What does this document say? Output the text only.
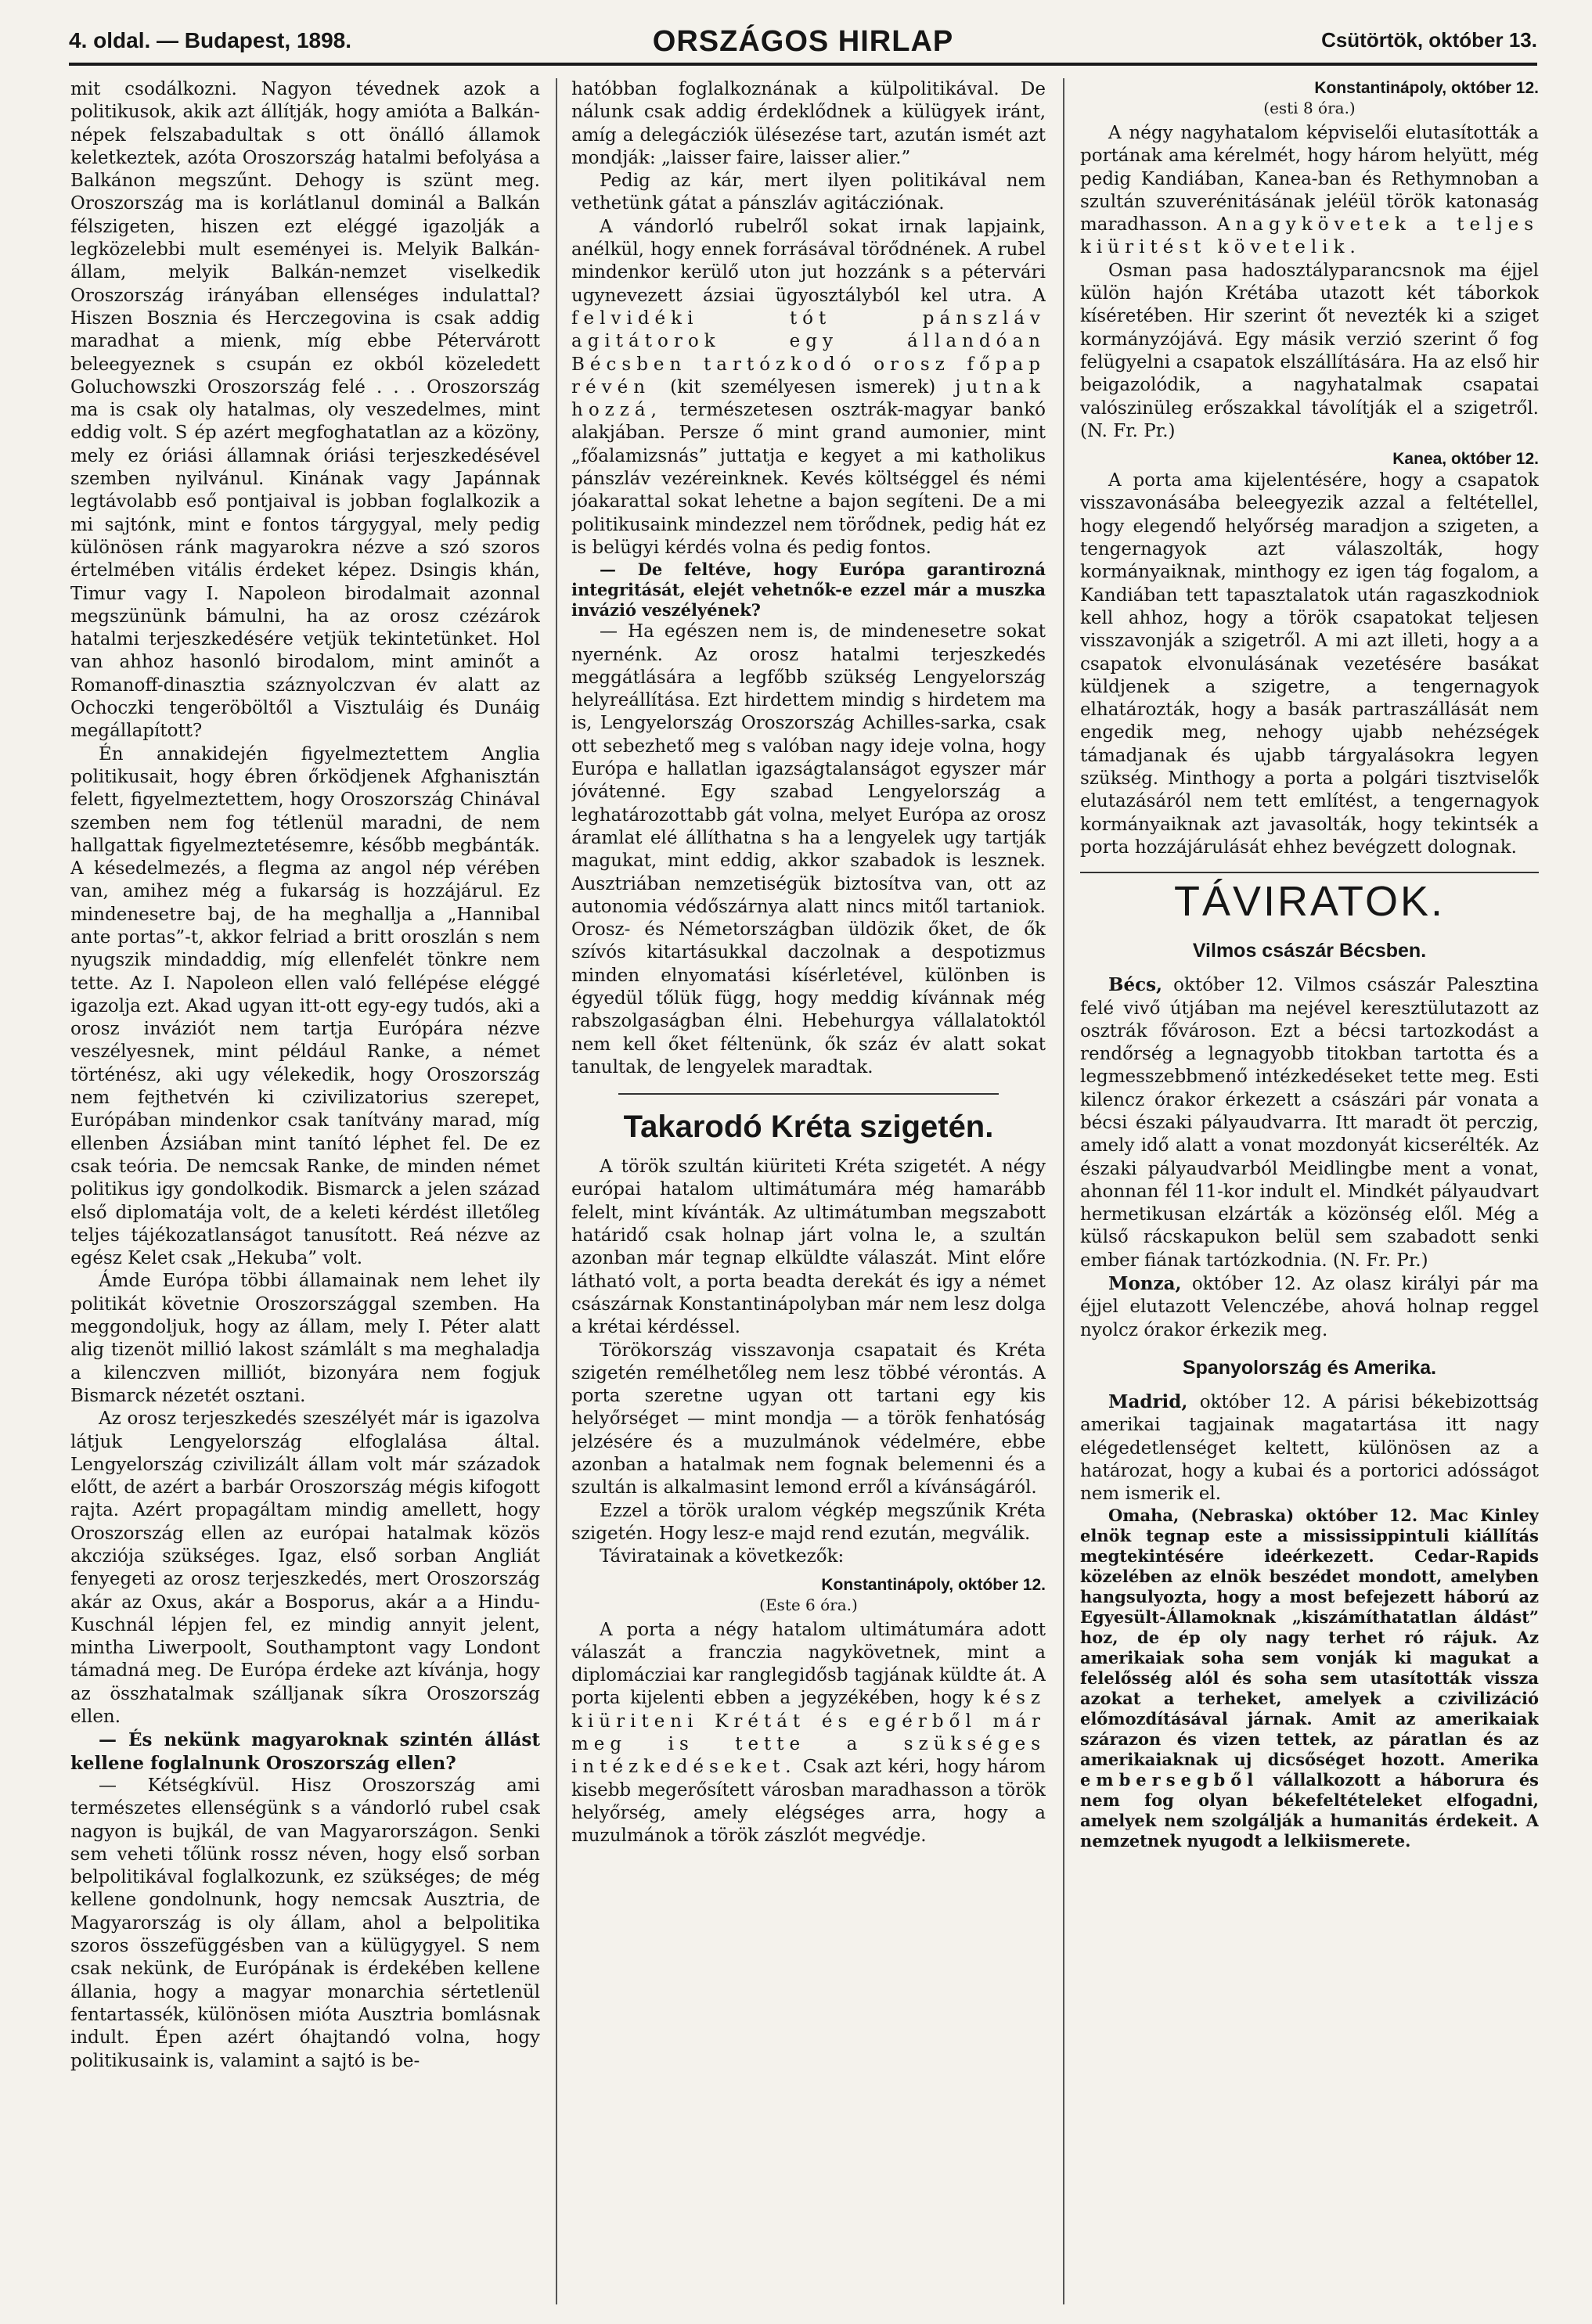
4. oldal. — Budapest, 1898.	ORSZÁGOS HIRLAP	Csütörtök, október 13.

mit csodálkozni. Nagyon tévednek azok a politikusok, akik azt állítják, hogy amióta a Balkán-népek felszabadultak s ott önálló államok keletkeztek, azóta Oroszország hatalmi befolyása a Balkánon megszűnt. Dehogy is szünt meg. Oroszország ma is korlátlanul dominál a Balkán félszigeten, hiszen ezt eléggé igazolják a legközelebbi mult eseményei is. Melyik Balkán-állam, melyik Balkán-nemzet viselkedik Oroszország irányában ellenséges indulattal? Hiszen Bosznia és Herczegovina is csak addig maradhat a mienk, míg ebbe Pétervárott beleegyeznek s csupán ez okból közeledett Goluchowszki Oroszország felé . . . Oroszország ma is csak oly hatalmas, oly veszedelmes, mint eddig volt. S ép azért megfoghatatlan az a közöny, mely ez óriási államnak óriási terjeszkedésével szemben nyilvánul. Kinának vagy Japánnak legtávolabb eső pontjaival is jobban foglalkozik a mi sajtónk, mint e fontos tárgygyal, mely pedig különösen ránk magyarokra nézve a szó szoros értelmében vitális érdeket képez. Dsingis khán, Timur vagy I. Napoleon birodalmait azonnal megszününk bámulni, ha az orosz czézárok hatalmi terjeszkedésére vetjük tekintetünket. Hol van ahhoz hasonló birodalom, mint aminőt a Romanoff-dinasztia száznyolczvan év alatt az Ochoczki tengeröböltől a Visztuláig és Dunáig megállapított?

Én annakidején figyelmeztettem Anglia politikusait, hogy ébren őrködjenek Afghanisztán felett, figyelmeztettem, hogy Oroszország Chinával szemben nem fog tétlenül maradni, de nem hallgattak figyelmeztetésemre, később megbánták. A késedelmezés, a flegma az angol nép vérében van, amihez még a fukarság is hozzájárul. Ez mindenesetre baj, de ha meghallja a „Hannibal ante portas”-t, akkor felriad a britt oroszlán s nem nyugszik mindaddig, míg ellenfelét tönkre nem tette. Az I. Napoleon ellen való fellépése eléggé igazolja ezt. Akad ugyan itt-ott egy-egy tudós, aki a orosz inváziót nem tartja Európára nézve veszélyesnek, mint például Ranke, a német történész, aki ugy vélekedik, hogy Oroszország nem fejthetvén ki czivilizatorius szerepet, Európában mindenkor csak tanítvány marad, míg ellenben Ázsiában mint tanító léphet fel. De ez csak teória. De nemcsak Ranke, de minden német politikus igy gondolkodik. Bismarck a jelen század első diplomatája volt, de a keleti kérdést illetőleg teljes tájékozatlanságot tanusított. Reá nézve az egész Kelet csak „Hekuba” volt.

Ámde Európa többi államainak nem lehet ily politikát követnie Oroszországgal szemben. Ha meggondoljuk, hogy az állam, mely I. Péter alatt alig tizenöt millió lakost számlált s ma meghaladja a kilenczven milliót, bizonyára nem fogjuk Bismarck nézetét osztani.

Az orosz terjeszkedés szeszélyét már is igazolva látjuk Lengyelország elfoglalása által. Lengyelország czivilizált állam volt már századok előtt, de azért a barbár Oroszország mégis kifogott rajta. Azért propagáltam mindig amellett, hogy Oroszország ellen az európai hatalmak közös akcziója szükséges. Igaz, első sorban Angliát fenyegeti az orosz terjeszkedés, mert Oroszország akár az Oxus, akár a Bosporus, akár a a Hindu-Kuschnál lépjen fel, ez mindig annyit jelent, mintha Liwerpoolt, Southamptont vagy Londont támadná meg. De Európa érdeke azt kívánja, hogy az összhatalmak szálljanak síkra Oroszország ellen.

— És nekünk magyaroknak szintén állást kellene foglalnunk Oroszország ellen?

— Kétségkívül. Hisz Oroszország ami természetes ellenségünk s a vándorló rubel csak nagyon is bujkál, de van Magyarországon. Senki sem veheti tőlünk rossz néven, hogy első sorban belpolitikával foglalkozunk, ez szükséges; de még kellene gondolnunk, hogy nemcsak Ausztria, de Magyarország is oly állam, ahol a belpolitika szoros összefüggésben van a külügygyel. S nem csak nekünk, de Európának is érdekében kellene állania, hogy a magyar monarchia sértetlenül fentartassék, különösen mióta Ausztria bomlásnak indult. Épen azért óhajtandó volna, hogy politikusaink is, valamint a sajtó is be-

hatóbban foglalkoznának a külpolitikával. De nálunk csak addig érdeklődnek a külügyek iránt, amíg a delegácziók ülésezése tart, azután ismét azt mondják: „laisser faire, laisser alier.”

Pedig az kár, mert ilyen politikával nem vethetünk gátat a pánszláv agitácziónak.

A vándorló rubelről sokat irnak lapjaink, anélkül, hogy ennek forrásával törődnének. A rubel mindenkor kerülő uton jut hozzánk s a pétervári ugynevezett ázsiai ügyosztályból kel utra. A felvidéki tót pánszláv agitátorok egy állandóan Bécsben tartózkodó orosz főpap révén (kit személyesen ismerek) jutnak hozzá, természetesen osztrák-magyar bankó alakjában. Persze ő mint grand aumonier, mint „főalamizsnás” juttatja e kegyet a mi katholikus pánszláv vezéreinknek. Kevés költséggel és némi jóakarattal sokat lehetne a bajon segíteni. De a mi politikusaink mindezzel nem törődnek, pedig hát ez is belügyi kérdés volna és pedig fontos.

— De feltéve, hogy Európa garantirozná integritását, elejét vehetnők-e ezzel már a muszka invázió veszélyének?

— Ha egészen nem is, de mindenesetre sokat nyernénk. Az orosz hatalmi terjeszkedés meggátlására a legfőbb szükség Lengyelország helyreállítása. Ezt hirdettem mindig s hirdetem ma is, Lengyelország Oroszország Achilles-sarka, csak ott sebezhető meg s valóban nagy ideje volna, hogy Európa e hallatlan igazságtalanságot egyszer már jóvátenné. Egy szabad Lengyelország a leghatározottabb gát volna, melyet Európa az orosz áramlat elé állíthatna s ha a lengyelek ugy tartják magukat, mint eddig, akkor szabadok is lesznek. Ausztriában nemzetiségük biztosítva van, ott az autonomia védőszárnya alatt nincs mitől tartaniok. Orosz- és Németországban üldözik őket, de ők szívós kitartásukkal daczolnak a despotizmus minden elnyomatási kísérletével, különben is égyedül tőlük függ, hogy meddig kívánnak még rabszolgaságban élni. Hebehurgya vállalatoktól nem kell őket féltenünk, ők száz év alatt sokat tanultak, de lengyelek maradtak.

Takarodó Kréta szigetén.

A török szultán kiüriteti Kréta szigetét. A négy európai hatalom ultimátumára még hamarább felelt, mint kívánták. Az ultimátumban megszabott határidő csak holnap járt volna le, a szultán azonban már tegnap elküldte válaszát. Mint előre látható volt, a porta beadta derekát és igy a német császárnak Konstantinápolyban már nem lesz dolga a krétai kérdéssel.

Törökország visszavonja csapatait és Kréta szigetén remélhetőleg nem lesz többé vérontás. A porta szeretne ugyan ott tartani egy kis helyőrséget — mint mondja — a török fenhatóság jelzésére és a muzulmánok védelmére, ebbe azonban a hatalmak nem fognak belemenni és a szultán is alkalmasint lemond erről a kívánságáról.

Ezzel a török uralom végkép megszűnik Kréta szigetén. Hogy lesz-e majd rend ezután, megválik.

Táviratainak a következők:

Konstantinápoly, október 12.
(Este 6 óra.)

A porta a négy hatalom ultimátumára adott válaszát a franczia nagykövetnek, mint a diplomácziai kar ranglegidősb tagjának küldte át. A porta kijelenti ebben a jegyzékében, hogy kész kiüriteni Krétát és egérből már meg is tette a szükséges intézkedéseket. Csak azt kéri, hogy három kisebb megerősített városban maradhasson a török helyőrség, amely elégséges arra, hogy a muzulmánok a török zászlót megvédje.

Konstantinápoly, október 12.
(esti 8 óra.)

A négy nagyhatalom képviselői elutasították a portának ama kérelmét, hogy három helyütt, még pedig Kandiában, Kanea-ban és Rethymnoban a szultán szuverénitásának jeléül török katonaság maradhasson. Anagykövetek a teljes kiüritést követelik.

Osman pasa hadosztályparancsnok ma éjjel külön hajón Krétába utazott két táborkok kíséretében. Hir szerint őt nevezték ki a sziget kormányzójává. Egy másik verzió szerint ő fog felügyelni a csapatok elszállítására. Ha az első hir beigazolódik, a nagyhatalmak csapatai valószinüleg erőszakkal távolítják el a szigetről. (N. Fr. Pr.)

Kanea, október 12.

A porta ama kijelentésére, hogy a csapatok visszavonásába beleegyezik azzal a feltétellel, hogy elegendő helyőrség maradjon a szigeten, a tengernagyok azt válaszolták, hogy kormányaiknak, minthogy ez igen tág fogalom, a Kandiában tett tapasztalatok után ragaszkodniok kell ahhoz, hogy a török csapatokat teljesen visszavonják a szigetről. A mi azt illeti, hogy a a csapatok elvonulásának vezetésére basákat küldjenek a szigetre, a tengernagyok elhatározták, hogy a basák partraszállását nem engedik meg, nehogy ujabb nehézségek támadjanak és ujabb tárgyalásokra legyen szükség. Minthogy a porta a polgári tisztviselők elutazásáról nem tett említést, a tengernagyok kormányaiknak azt javasolták, hogy tekintsék a porta hozzájárulását ehhez bevégzett dolognak.

TÁVIRATOK.
Vilmos császár Bécsben.

Bécs, október 12. Vilmos császár Palesztina felé vivő útjában ma nejével keresztülutazott az osztrák fővároson. Ezt a bécsi tartozkodást a rendőrség a legnagyobb titokban tartotta és a legmesszebbmenő intézkedéseket tette meg. Esti kilencz órakor érkezett a császári pár vonata a bécsi északi pályaudvarra. Itt maradt öt perczig, amely idő alatt a vonat mozdonyát kicserélték. Az északi pályaudvarból Meidlingbe ment a vonat, ahonnan fél 11-kor indult el. Mindkét pályaudvart hermetikusan elzárták a közönség elől. Még a külső rácskapukon belül sem szabadott senki ember fiának tartózkodnia. (N. Fr. Pr.)

Monza, október 12. Az olasz királyi pár ma éjjel elutazott Velenczébe, ahová holnap reggel nyolcz órakor érkezik meg.

Spanyolország és Amerika.

Madrid, október 12. A párisi békebizottság amerikai tagjainak magatartása itt nagy elégedetlenséget keltett, különösen az a határozat, hogy a kubai és a portorici adósságot nem ismerik el.

Omaha, (Nebraska) október 12. Mac Kinley elnök tegnap este a mississippintuli kiállítás megtekintésére ideérkezett. Cedar-Rapids közelében az elnök beszédet mondott, amelyben hangsulyozta, hogy a most befejezett háború az Egyesült-Államoknak „kiszámíthatatlan áldást” hoz, de ép oly nagy terhet ró rájuk. Az amerikaiak soha sem vonják ki magukat a felelősség alól és soha sem utasították vissza azokat a terheket, amelyek a czivilizáció előmozdításával járnak. Amit az amerikaiak szárazon és vizen tettek, az páratlan és az amerikaiaknak uj dicsőséget hozott. Amerika embersegből vállalkozott a háborura és nem fog olyan békefeltételeket elfogadni, amelyek nem szolgálják a humanitás érdekeit. A nemzetnek nyugodt a lelkiismerete.
